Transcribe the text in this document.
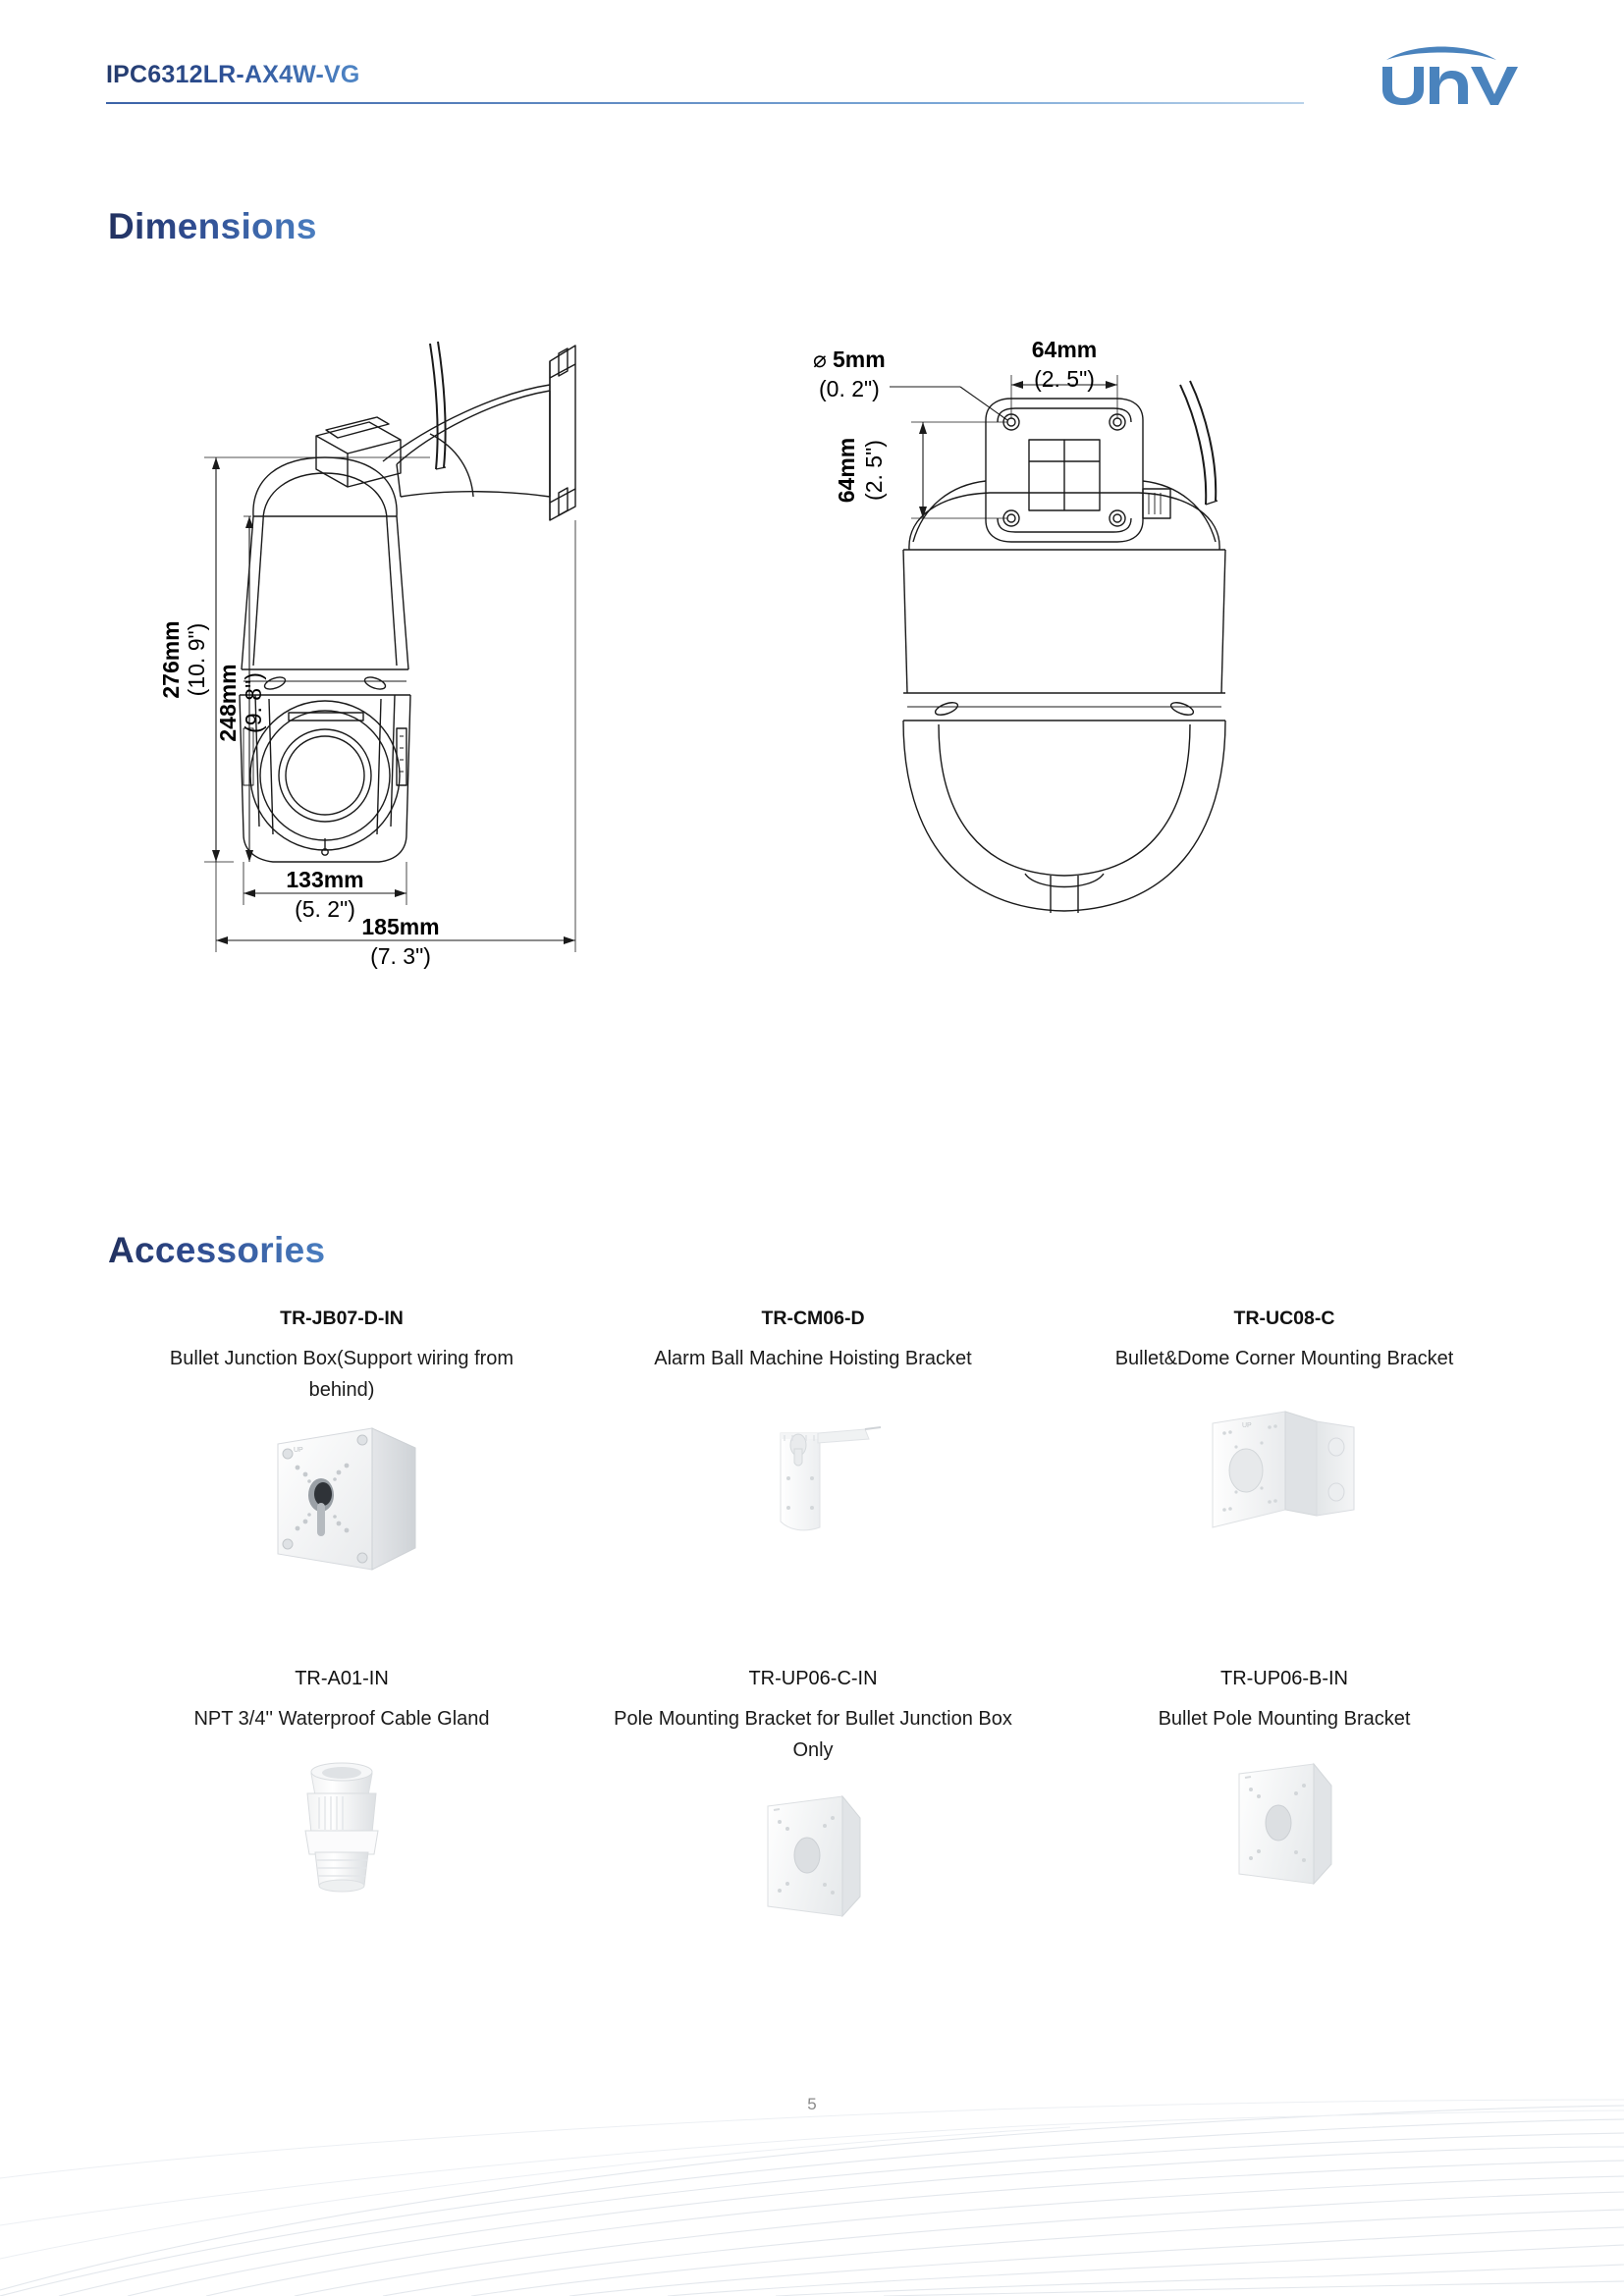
IPC6312LR-AX4W-VG
Dimensions
276mm (10. 9")
248mm (9. 8")
133mm
(5. 2")
185mm
(7. 3")
⌀ 5mm
(0. 2")
64mm
(2. 5")
64mm (2. 5")
Accessories
TR-JB07-D-IN
Bullet Junction Box(Support wiring from behind)
UP
TR-CM06-D
Alarm Ball Machine Hoisting Bracket
TR-UC08-C
Bullet&Dome Corner Mounting Bracket
UP
TR-A01-IN
NPT 3/4'' Waterproof Cable Gland
TR-UP06-C-IN
Pole Mounting Bracket for Bullet Junction Box Only
TR-UP06-B-IN
Bullet Pole Mounting Bracket
5
